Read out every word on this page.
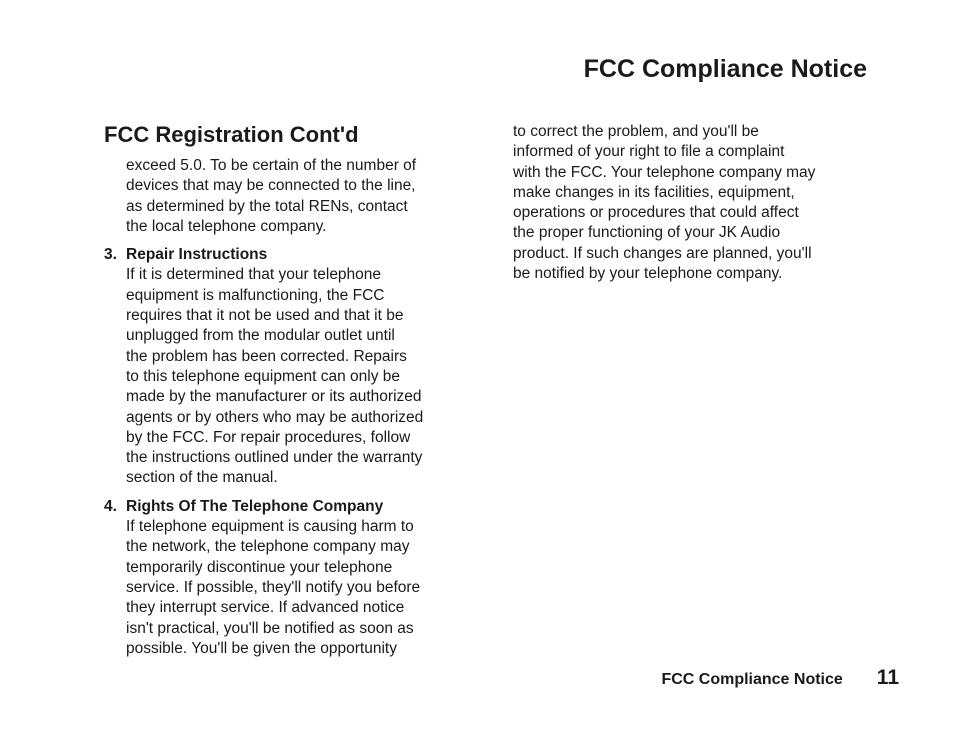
FCC Compliance Notice
FCC Registration Cont'd
exceed 5.0. To be certain of the number of
devices that may be connected to the line,
as determined by the total RENs, contact
the local telephone company.
3. Repair Instructions
If it is determined that your telephone
equipment is malfunctioning, the FCC
requires that it not be used and that it be
unplugged from the modular outlet until
the problem has been corrected. Repairs
to this telephone equipment can only be
made by the manufacturer or its authorized
agents or by others who may be authorized
by the FCC. For repair procedures, follow
the instructions outlined under the warranty
section of the manual.
4. Rights Of The Telephone Company
If telephone equipment is causing harm to
the network, the telephone company may
temporarily discontinue your telephone
service. If possible, they'll notify you before
they interrupt service. If advanced notice
isn't practical, you'll be notified as soon as
possible. You'll be given the opportunity
to correct the problem, and you'll be
informed of your right to file a complaint
with the FCC. Your telephone company may
make changes in its facilities, equipment,
operations or procedures that could affect
the proper functioning of your JK Audio
product. If such changes are planned, you'll
be notified by your telephone company.
FCC Compliance Notice 11
